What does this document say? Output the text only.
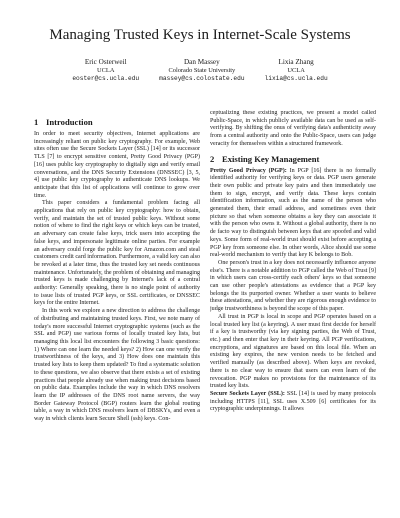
Managing Trusted Keys in Internet-Scale Systems
Eric Osterweil
UCLA
eoster@cs.ucla.edu
Dan Massey
Colorado State University
massey@cs.colostate.edu
Lixia Zhang
UCLA
lixia@cs.ucla.edu
1 Introduction

In order to meet security objectives, Internet applications are increasingly reliant on public key cryptography. For example, Web sites often use the Secure Sockets Layer (SSL) [14] or its successor TLS [7] to encrypt sensitive content, Pretty Good Privacy (PGP) [16] uses public key cryptography to digitally sign and verify email conversations, and the DNS Security Extensions (DNSSEC) [3, 5, 4] use public key cryptography to authenticate DNS lookups. We anticipate that this list of applications will continue to grow over time.

This paper considers a fundamental problem facing all applications that rely on public key cryptography: how to obtain, verify, and maintain the set of trusted public keys. Without some notion of where to find the right keys or which keys can be trusted, an adversary can create false keys, trick users into accepting the false keys, and impersonate legitimate online parties. For example an adversary could forge the public key for Amazon.com and steal customers credit card information. Furthermore, a valid key can also be revoked at a later time, thus the trusted key set needs continuous maintenance. Unfortunately, the problem of obtaining and managing trusted keys is made challenging by Internet's lack of a central authority: Generally speaking, there is no single point of authority to issue lists of trusted PGP keys, or SSL certificates, or DNSSEC keys for the entire Internet.

In this work we explore a new direction to address the challenge of distributing and maintaining trusted keys. First, we note many of today's more successful Internet cryptographic systems (such as the SSL and PGP) use various forms of locally trusted key lists, but managing this local list encounters the following 3 basic questions: 1) Where can one learn the needed keys? 2) How can one verify the trustworthiness of the keys, and 3) How does one maintain this trusted key lists to keep them updated? To find a systematic solution to these questions, we also observe that there exists a set of existing practices that people already use when making trust decisions based on public data. Examples include the way in which DNS resolvers learn the IP addresses of the DNS root name servers, the way Border Gateway Protocol (BGP) routers learn the global routing table, a way in which DNS resolvers learn of DBSKYs, and even a way in which clients learn Secure Shell (ssh) keys. Con-

ceptualizing these existing practices, we present a model called Public-Space, in which publicly available data can be used as self-verifying. By shifting the onus of verifying data's authenticity away from a central authority and onto the Public-Space, users can judge veracity for themselves within a structured framework.

2 Existing Key Management

Pretty Good Privacy (PGP): In PGP [16] there is no formally identified authority for verifying keys or data. PGP users generate their own public and private key pairs and then immediately use them to sign, encrypt, and verify data. These keys contain identification information, such as the name of the person who generated them, their email address, and sometimes even their picture so that when someone obtains a key they can associate it with the person who owns it. Without a global authority, there is no de facto way to distinguish between keys that are spoofed and valid keys. Some form of real-world trust should exist before accepting a PGP key from someone else. In other words, Alice should use some real-world mechanism to verify that key K belongs to Bob.

One person's trust in a key does not necessarily influence anyone else's. There is a notable addition to PGP called the Web of Trust [9] in which users can cross-certify each others' keys so that someone can use other people's attestations as evidence that a PGP key belongs the its purported owner. Whether a user wants to believe these attestations, and whether they are rigorous enough evidence to judge trustworthiness is beyond the scope of this paper.

All trust in PGP is local in scope and PGP operates based on a local trusted key list (a keyring). A user must first decide for herself if a key is trustworthy (via key signing parties, the Web of Trust, etc.) and then enter that key in their keyring. All PGP verifications, encryptions, and signatures are based on this local file. When an existing key expires, the new version needs to be fetched and verified manually (as described above). When keys are revoked, there is no clear way to ensure that users can even learn of the revocation. PGP makes no provisions for the maintenance of its trusted key lists.

Secure Sockets Layer (SSL): SSL [14] is used by many protocols including HTTPS [11], SSL uses X.509 [6] certificates for its cryptographic underpinnings. It allows
